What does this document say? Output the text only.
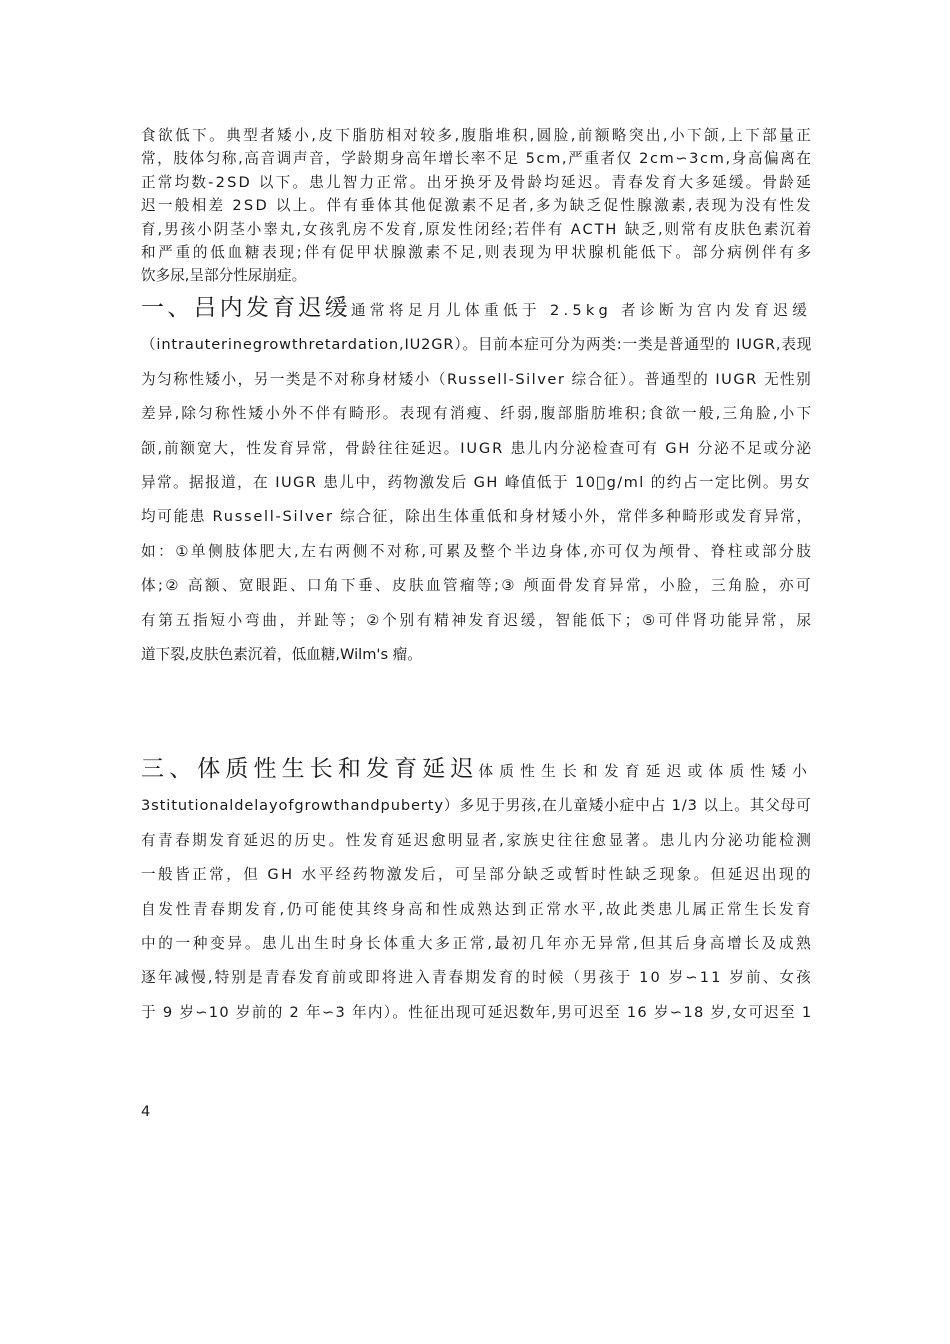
食欲低下。典型者矮小,皮下脂肪相对较多,腹脂堆积,圆脸,前额略突出,小下颌,上下部量正
常，肢体匀称,高音调声音，学龄期身高年增长率不足 5cm,严重者仅 2cm∽3cm,身高偏离在
正常均数-2SD 以下。患儿智力正常。出牙换牙及骨龄均延迟。青春发育大多延缓。骨龄延
迟一般相差 2SD 以上。伴有垂体其他促激素不足者,多为缺乏促性腺激素,表现为没有性发
育,男孩小阴茎小睾丸,女孩乳房不发育,原发性闭经;若伴有 ACTH 缺乏,则常有皮肤色素沉着
和严重的低血糖表现;伴有促甲状腺激素不足,则表现为甲状腺机能低下。部分病例伴有多
饮多尿,呈部分性尿崩症。
一、吕内发育迟缓通常将足月儿体重低于 2.5kg 者诊断为宫内发育迟缓
（intrauterinegrowthretardation,IU2GR）。目前本症可分为两类:一类是普通型的 IUGR,表现
为匀称性矮小，另一类是不对称身材矮小（Russell-Silver 综合征）。普通型的 IUGR 无性别
差异,除匀称性矮小外不伴有畸形。表现有消瘦、纤弱,腹部脂肪堆积;食欲一般,三角脸,小下
颌,前额宽大，性发育异常，骨龄往往延迟。IUGR 患儿内分泌检查可有 GH 分泌不足或分泌
异常。据报道，在 IUGR 患儿中，药物激发后 GH 峰值低于 10􀀁g/ml 的约占一定比例。男女
均可能患 Russell-Silver 综合征，除出生体重低和身材矮小外，常伴多种畸形或发育异常，
如：①单侧肢体肥大,左右两侧不对称,可累及整个半边身体,亦可仅为颅骨、脊柱或部分肢
体;② 高额、宽眼距、口角下垂、皮肤血管瘤等;③ 颅面骨发育异常，小脸，三角脸，亦可
有第五指短小弯曲，并趾等；②个别有精神发育迟缓，智能低下；⑤可伴肾功能异常，尿
道下裂,皮肤色素沉着，低血糖,Wilm's 瘤。
三、体质性生长和发育延迟体质性生长和发育延迟或体质性矮小
3stitutionaldelayofgrowthandpuberty）多见于男孩,在儿童矮小症中占 1/3 以上。其父母可
有青春期发育延迟的历史。性发育延迟愈明显者,家族史往往愈显著。患儿内分泌功能检测
一般皆正常，但 GH 水平经药物激发后，可呈部分缺乏或暂时性缺乏现象。但延迟出现的
自发性青春期发育,仍可能使其终身高和性成熟达到正常水平,故此类患儿属正常生长发育
中的一种变异。患儿出生时身长体重大多正常,最初几年亦无异常,但其后身高增长及成熟
逐年减慢,特别是青春发育前或即将进入青春期发育的时候（男孩于 10 岁∽11 岁前、女孩
于 9 岁∽10 岁前的 2 年∽3 年内）。性征出现可延迟数年,男可迟至 16 岁∽18 岁,女可迟至 1
4
